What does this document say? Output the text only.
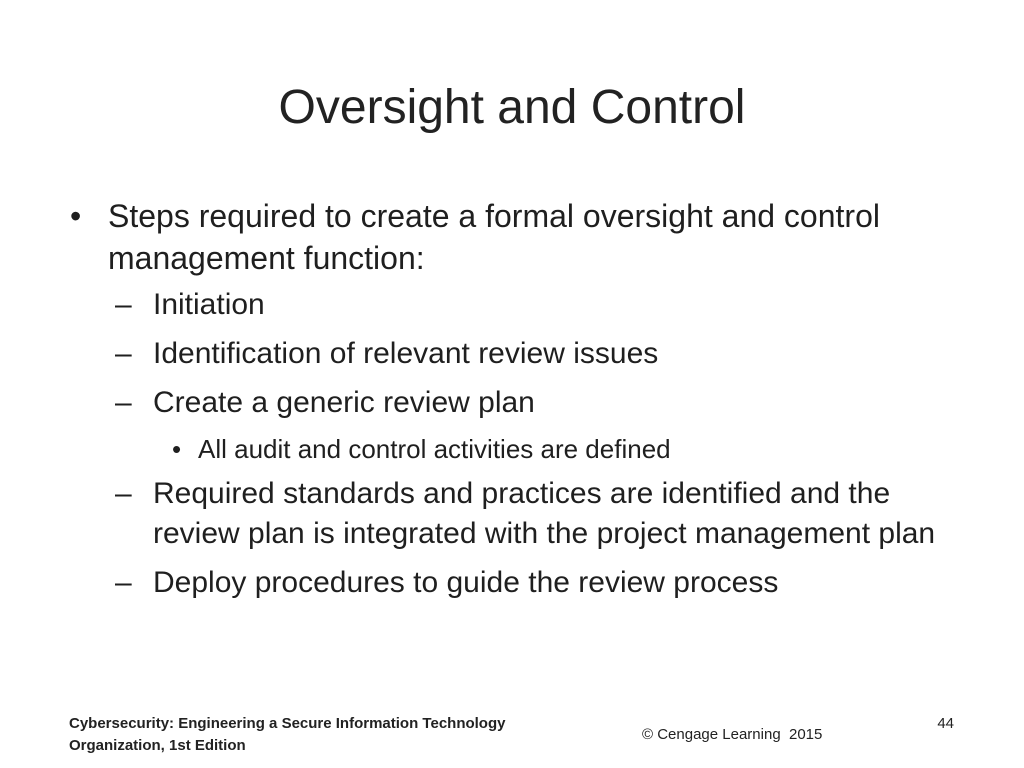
Oversight and Control
• Steps required to create a formal oversight and control management function:
– Initiation
– Identification of relevant review issues
– Create a generic review plan
• All audit and control activities are defined
– Required standards and practices are identified and the review plan is integrated with the project management plan
– Deploy procedures to guide the review process
Cybersecurity: Engineering a Secure Information Technology Organization, 1st Edition
© Cengage Learning  2015
44
